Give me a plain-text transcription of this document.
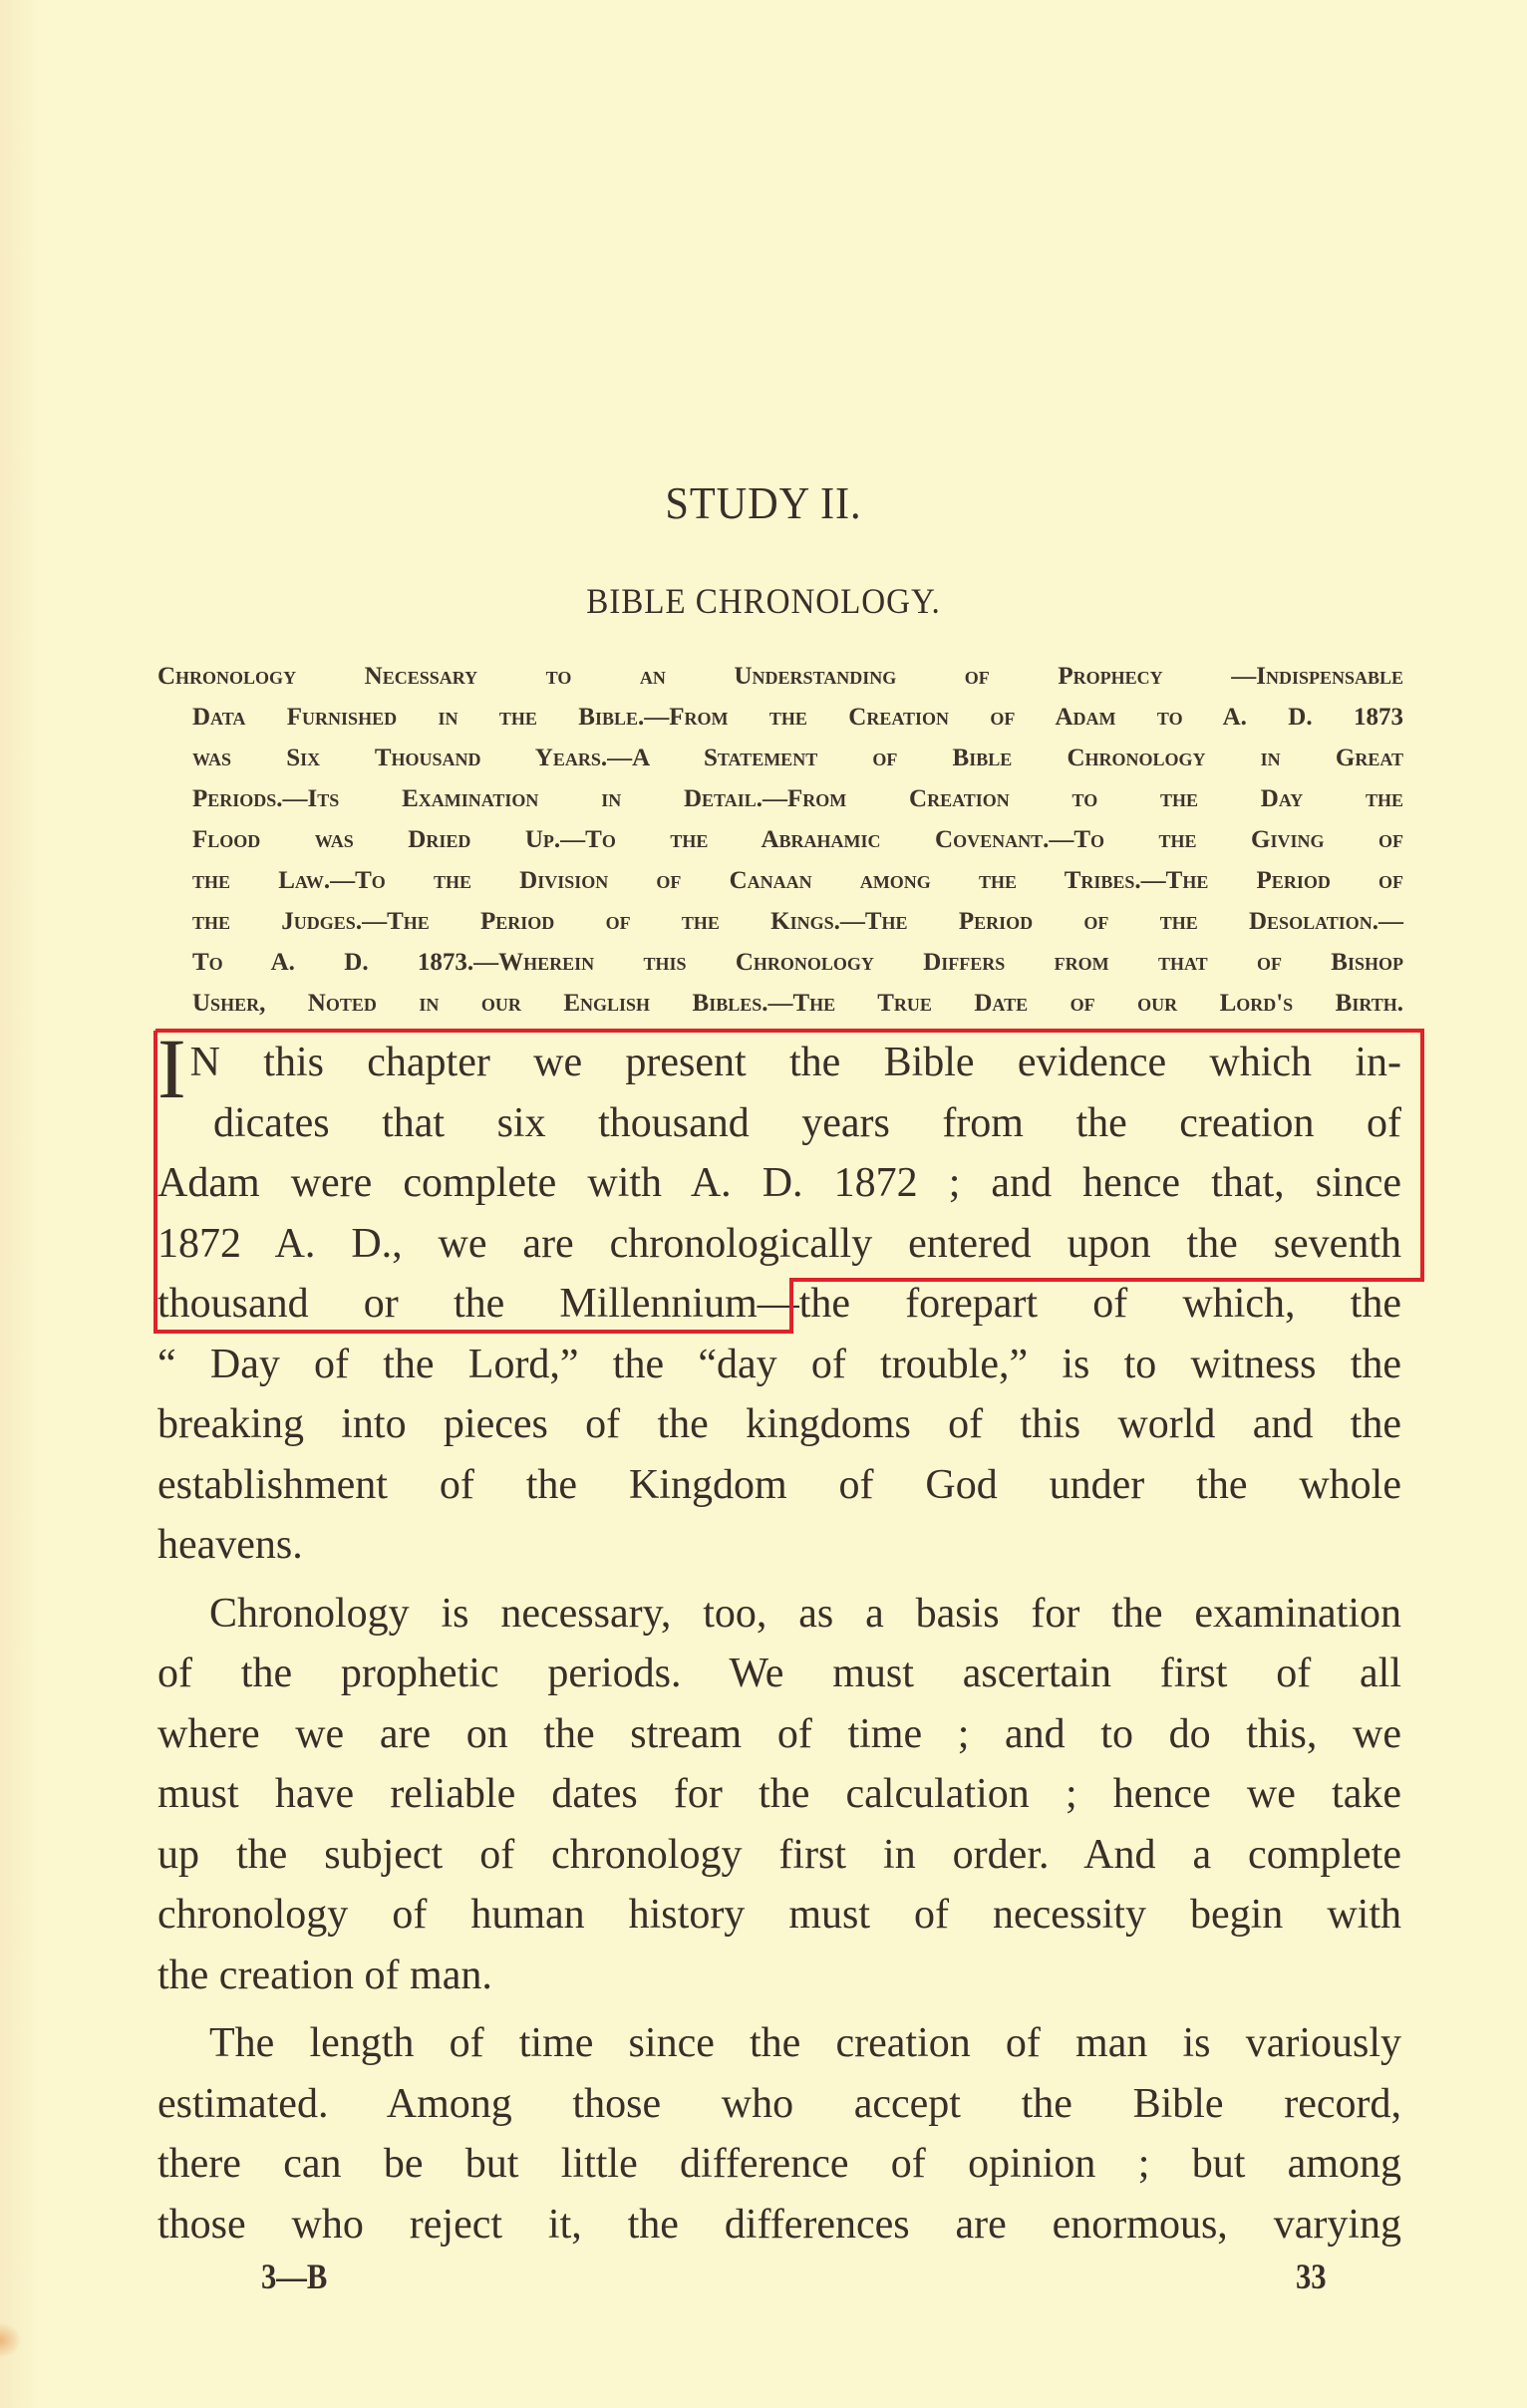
STUDY II.
BIBLE CHRONOLOGY.
Chronology Necessary to an Understanding of Prophecy —Indispensable
Data Furnished in the Bible.—From the Creation of Adam to A. D. 1873
was Six Thousand Years.—A Statement of Bible Chronology in Great
Periods.—Its Examination in Detail.—From Creation to the Day the
Flood was Dried Up.—To the Abrahamic Covenant.—To the Giving of
the Law.—To the Division of Canaan among the Tribes.—The Period of
the Judges.—The Period of the Kings.—The Period of the Desolation.—
To A. D. 1873.—Wherein this Chronology Differs from that of Bishop
Usher, Noted in our English Bibles.—The True Date of our Lord's Birth.
IN this chapter we present the Bible evidence which in-
dicates that six thousand years from the creation of
Adam were complete with A. D. 1872 ; and hence that, since
1872 A. D., we are chronologically entered upon the seventh
thousand or the Millennium—the forepart of which, the
“ Day of the Lord,” the “day of trouble,” is to witness the
breaking into pieces of the kingdoms of this world and the
establishment of the Kingdom of God under the whole
heavens.
Chronology is necessary, too, as a basis for the examination
of the prophetic periods. We must ascertain first of all
where we are on the stream of time ; and to do this, we
must have reliable dates for the calculation ; hence we take
up the subject of chronology first in order. And a complete
chronology of human history must of necessity begin with
the creation of man.
The length of time since the creation of man is variously
estimated. Among those who accept the Bible record,
there can be but little difference of opinion ; but among
those who reject it, the differences are enormous, varying
3—B	33
